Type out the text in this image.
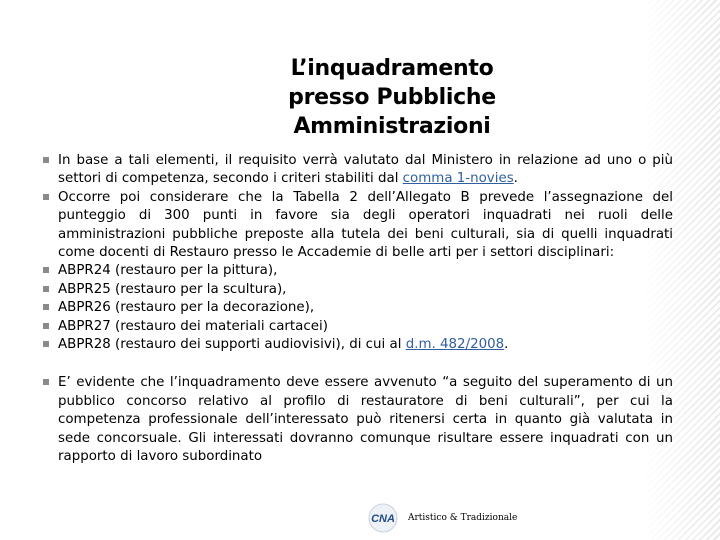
L’inquadramento
presso Pubbliche
Amministrazioni
In base a tali elementi, il requisito verrà valutato dal Ministero in relazione ad uno o più settori di competenza, secondo i criteri stabiliti dal comma 1-novies.
Occorre poi considerare che la Tabella 2 dell’Allegato B prevede l’assegnazione del punteggio di 300 punti in favore sia degli operatori inquadrati nei ruoli delle amministrazioni pubbliche preposte alla tutela dei beni culturali, sia di quelli inquadrati come docenti di Restauro presso le Accademie di belle arti per i settori disciplinari:
ABPR24 (restauro per la pittura),
ABPR25 (restauro per la scultura),
ABPR26 (restauro per la decorazione),
ABPR27 (restauro dei materiali cartacei)
ABPR28 (restauro dei supporti audiovisivi), di cui al d.m. 482/2008.
E’ evidente che l’inquadramento deve essere avvenuto “a seguito del superamento di un pubblico concorso relativo al profilo di restauratore di beni culturali”, per cui la competenza professionale dell’interessato può ritenersi certa in quanto già valutata in sede concorsuale. Gli interessati dovranno comunque risultare essere inquadrati con un rapporto di lavoro subordinato
CNA Artistico & Tradizionale
